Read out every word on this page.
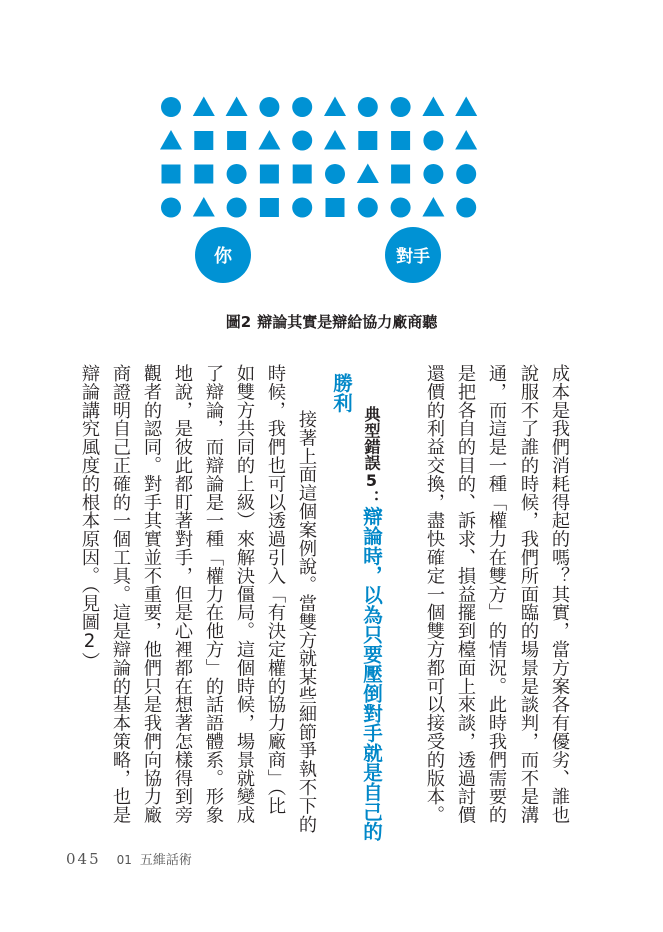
你	對手
圖2 辯論其實是辯給協力廠商聽
成本是我們消耗得起的嗎？其實，當方案各有優劣、誰也
說服不了誰的時候，我們所面臨的場景是談判，而不是溝
通，而這是一種「權力在雙方」的情況。此時我們需要的
是把各自的目的、訴求、損益擺到檯面上來談，透過討價
還價的利益交換，盡快確定一個雙方都可以接受的版本。
典型錯誤5：辯論時，以為只要壓倒對手就是自己的
勝利
接著上面這個案例說。當雙方就某些細節爭執不下的
時候，我們也可以透過引入「有決定權的協力廠商」（比
如雙方共同的上級）來解決僵局。這個時候，場景就變成
了辯論，而辯論是一種「權力在他方」的話語體系。形象
地說，是彼此都盯著對手，但是心裡都在想著怎樣得到旁
觀者的認同。對手其實並不重要，他們只是我們向協力廠
商證明自己正確的一個工具。這是辯論的基本策略，也是
辯論講究風度的根本原因。（見圖2）
045 01 五維話術
